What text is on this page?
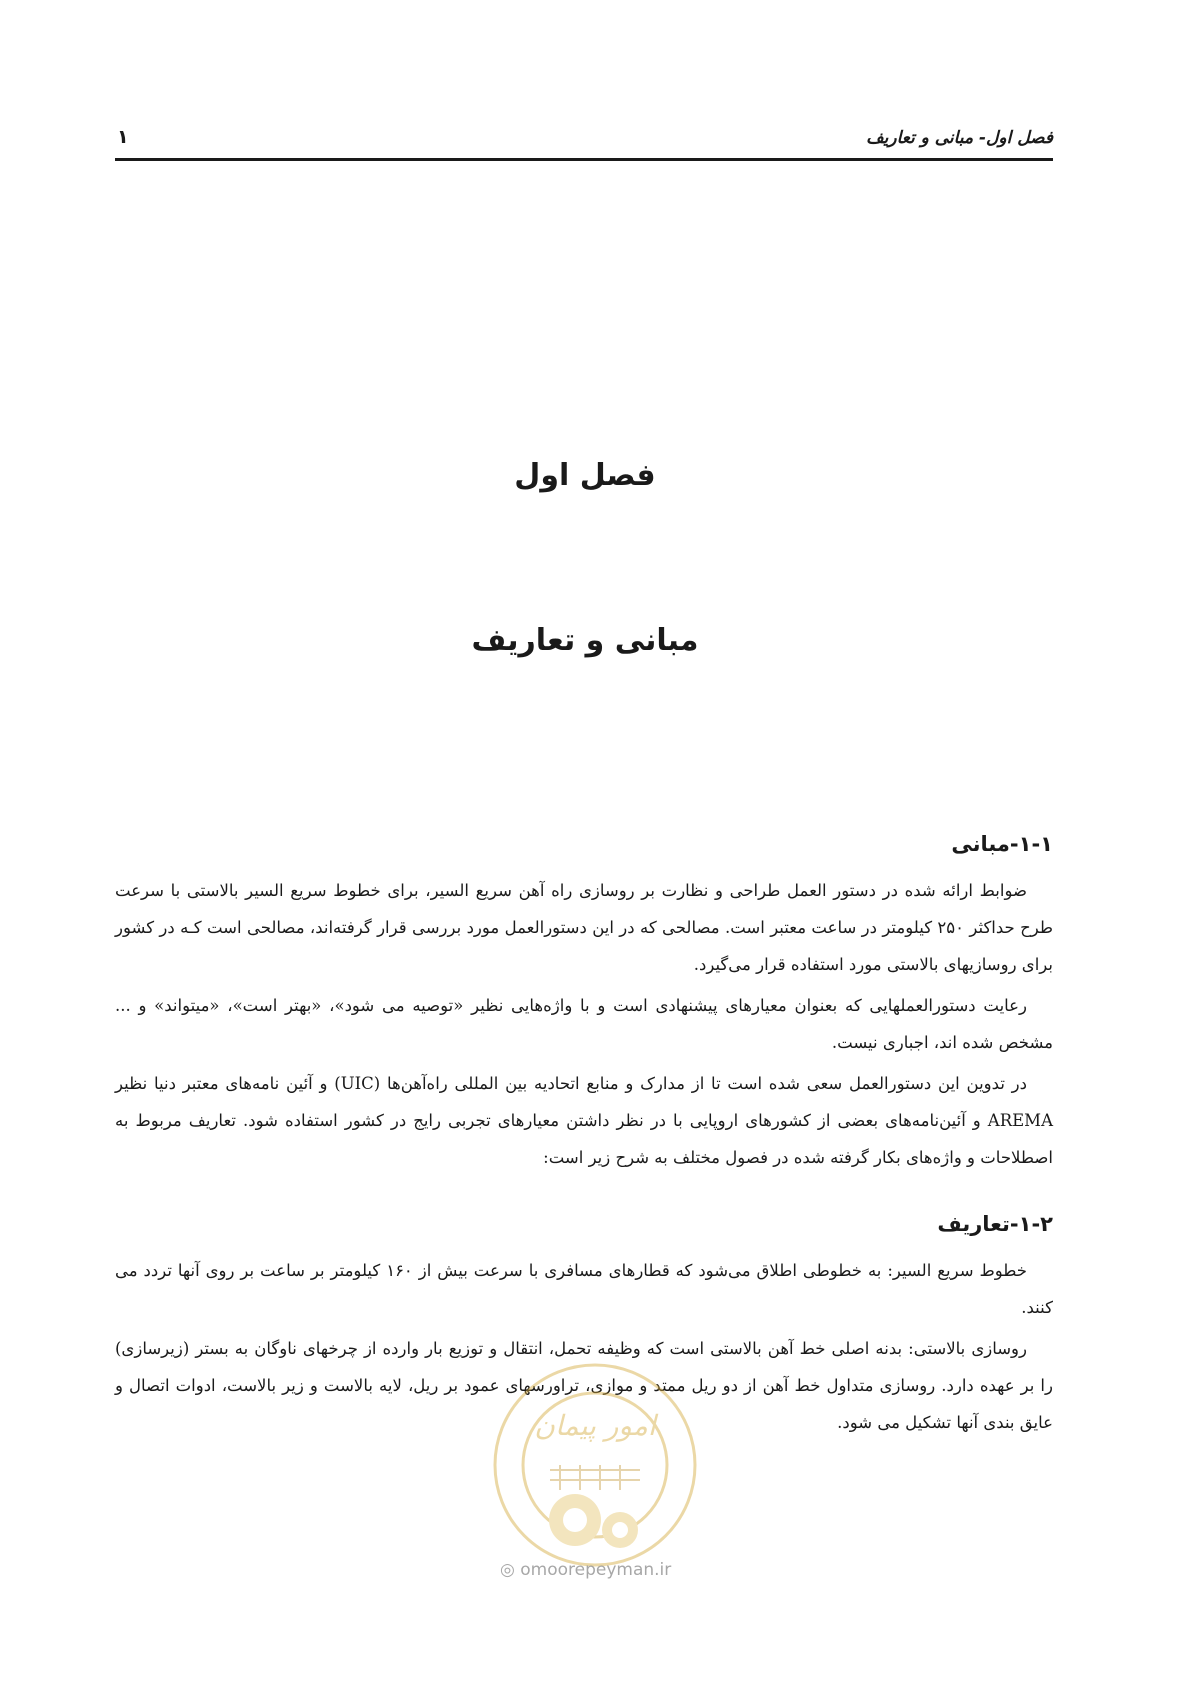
فصل اول- مبانی و تعاریف
۱
فصل اول
مبانی و تعاریف
۱-۱-مبانی

ضوابط ارائه شده در دستور العمل طراحی و نظارت بر روسازی راه آهن سریع السیر، برای خطوط سریع السیر بالاستی با سرعت طرح حداکثر ۲۵۰ کیلومتر در ساعت معتبر است. مصالحی که در این دستورالعمل مورد بررسی قرار گرفته‌اند، مصالحی است کـه در کشور برای روسازیهای بالاستی مورد استفاده قرار می‌گیرد.

رعایت دستورالعملهایی که بعنوان معیارهای پیشنهادی است و با واژه‌هایی نظیر «توصیه می شود»، «بهتر است»، «میتواند» و ... مشخص شده اند، اجباری نیست.

در تدوین این دستورالعمل سعی شده است تا از مدارک و منابع اتحادیه بین المللی راه‌آهن‌ها (UIC) و آئین نامه‌های معتبر دنیا نظیر AREMA و آئین‌نامه‌های بعضی از کشورهای اروپایی با در نظر داشتن معیارهای تجربی رایج در کشور استفاده شود. تعاریف مربوط به اصطلاحات و واژه‌های بکار گرفته شده در فصول مختلف به شرح زیر است:

۱-۲-تعاریف

خطوط سریع السیر: به خطوطی اطلاق می‌شود که قطارهای مسافری با سرعت بیش از ۱۶۰ کیلومتر بر ساعت بر روی آنها تردد می کنند.

روسازی بالاستی: بدنه اصلی خط آهن بالاستی است که وظیفه تحمل، انتقال و توزیع بار وارده از چرخهای ناوگان به بستر (زیرسازی) را بر عهده دارد. روسازی متداول خط آهن از دو ریل ممتد و موازی، تراورسهای عمود بر ریل، لایه بالاست و زیر بالاست، ادوات اتصال و عایق بندی آنها تشکیل می شود.

امور پیمان
◎ omoorepeyman.ir
